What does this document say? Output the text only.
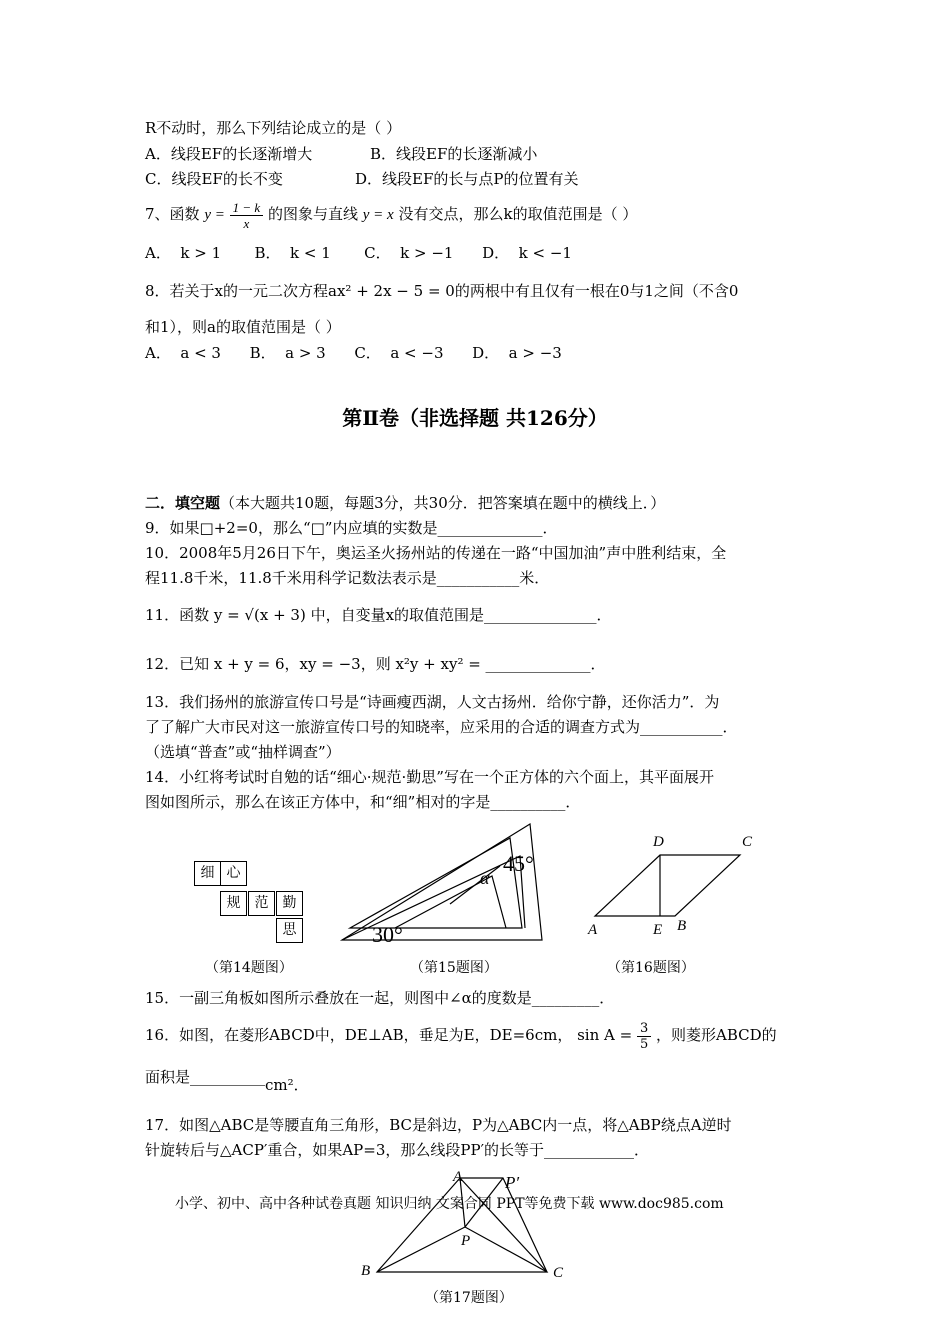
R不动时，那么下列结论成立的是（ ）
A．线段EF的长逐渐增大	B．线段EF的长逐渐减小
C．线段EF的长不变	D．线段EF的长与点P的位置有关
7、函数 $y = \frac{1 - k}{x}$ 的图象与直线 y = x 没有交点，那么k的取值范围是（ ）
A．  k > 1       B．  k < 1       C．  k > −1      D．  k < −1
8．若关于x的一元二次方程ax² + 2x − 5 = 0的两根中有且仅有一根在0与1之间（不含0
和1），则a的取值范围是（ ）
A．  a < 3      B．  a > 3      C．  a < −3      D．  a > −3
第Ⅱ卷（非选择题 共126分）
二．填空题（本大题共10题，每题3分，共30分．把答案填在题中的横线上．）
9．如果□+2=0，那么“□”内应填的实数是______________．
10．2008年5月26日下午，奥运圣火扬州站的传递在一路“中国加油”声中胜利结束，全
程11.8千米，11.8千米用科学记数法表示是___________米．
11．函数 y = √(x + 3) 中，自变量x的取值范围是_______________．
12．已知 x + y = 6，xy = −3，则 x²y + xy² = ______________．
13．我们扬州的旅游宣传口号是“诗画瘦西湖，人文古扬州．给你宁静，还你活力”．为
了了解广大市民对这一旅游宣传口号的知晓率，应采用的合适的调查方式为___________．
（选填“普查”或“抽样调查”）
14．小红将考试时自勉的话“细心·规范·勤思”写在一个正方体的六个面上，其平面展开
图如图所示，那么在该正方体中，和“细”相对的字是__________．
细 心
规	范	勤
思
45°
α
30°
D	C
A	E B
（第14题图）	（第15题图）	（第16题图）
15．一副三角板如图所示叠放在一起，则图中∠α的度数是_________．
16．如图，在菱形ABCD中，DE⊥AB，垂足为E，DE=6cm， $\sin A = \frac{3}{5}$ ，则菱形ABCD的
面积是__________cm²．
17．如图△ABC是等腰直角三角形，BC是斜边，P为△ABC内一点，将△ABP绕点A逆时
针旋转后与△ACP′重合，如果AP=3，那么线段PP′的长等于____________．
A	P′
P
B	C
小学、初中、高中各种试卷真题 知识归纳 文案合同 PPT等免费下载 www.doc985.com
（第17题图）
